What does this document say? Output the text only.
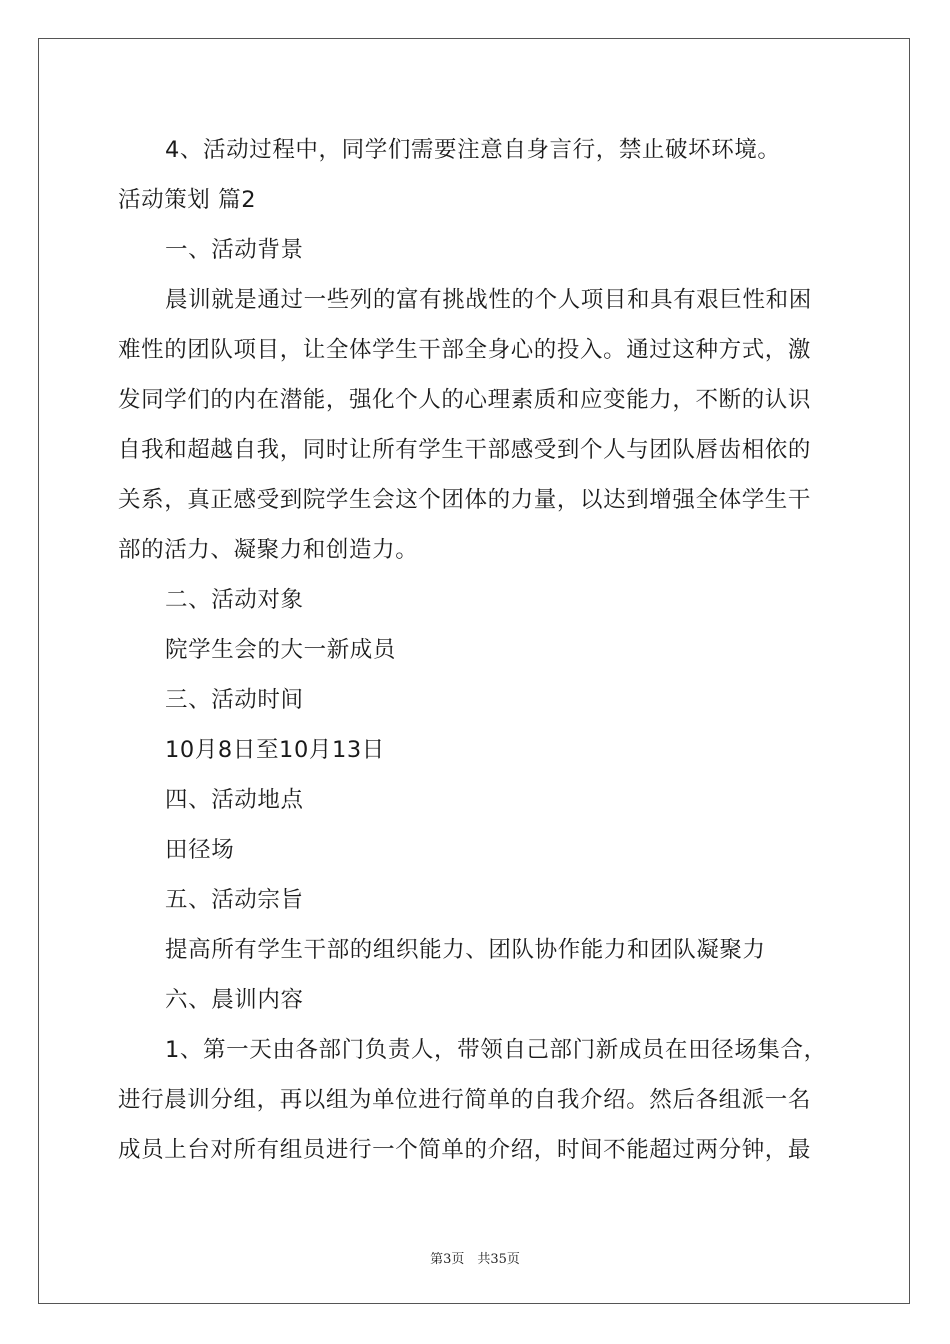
4、活动过程中，同学们需要注意自身言行，禁止破坏环境。
活动策划 篇2
一、活动背景
晨训就是通过一些列的富有挑战性的个人项目和具有艰巨性和困
难性的团队项目，让全体学生干部全身心的投入。通过这种方式，激
发同学们的内在潜能，强化个人的心理素质和应变能力，不断的认识
自我和超越自我，同时让所有学生干部感受到个人与团队唇齿相依的
关系，真正感受到院学生会这个团体的力量，以达到增强全体学生干
部的活力、凝聚力和创造力。
二、活动对象
院学生会的大一新成员
三、活动时间
10月8日至10月13日
四、活动地点
田径场
五、活动宗旨
提高所有学生干部的组织能力、团队协作能力和团队凝聚力
六、晨训内容
1、第一天由各部门负责人，带领自己部门新成员在田径场集合，
进行晨训分组，再以组为单位进行简单的自我介绍。然后各组派一名
成员上台对所有组员进行一个简单的介绍，时间不能超过两分钟，最
第3页　共35页
